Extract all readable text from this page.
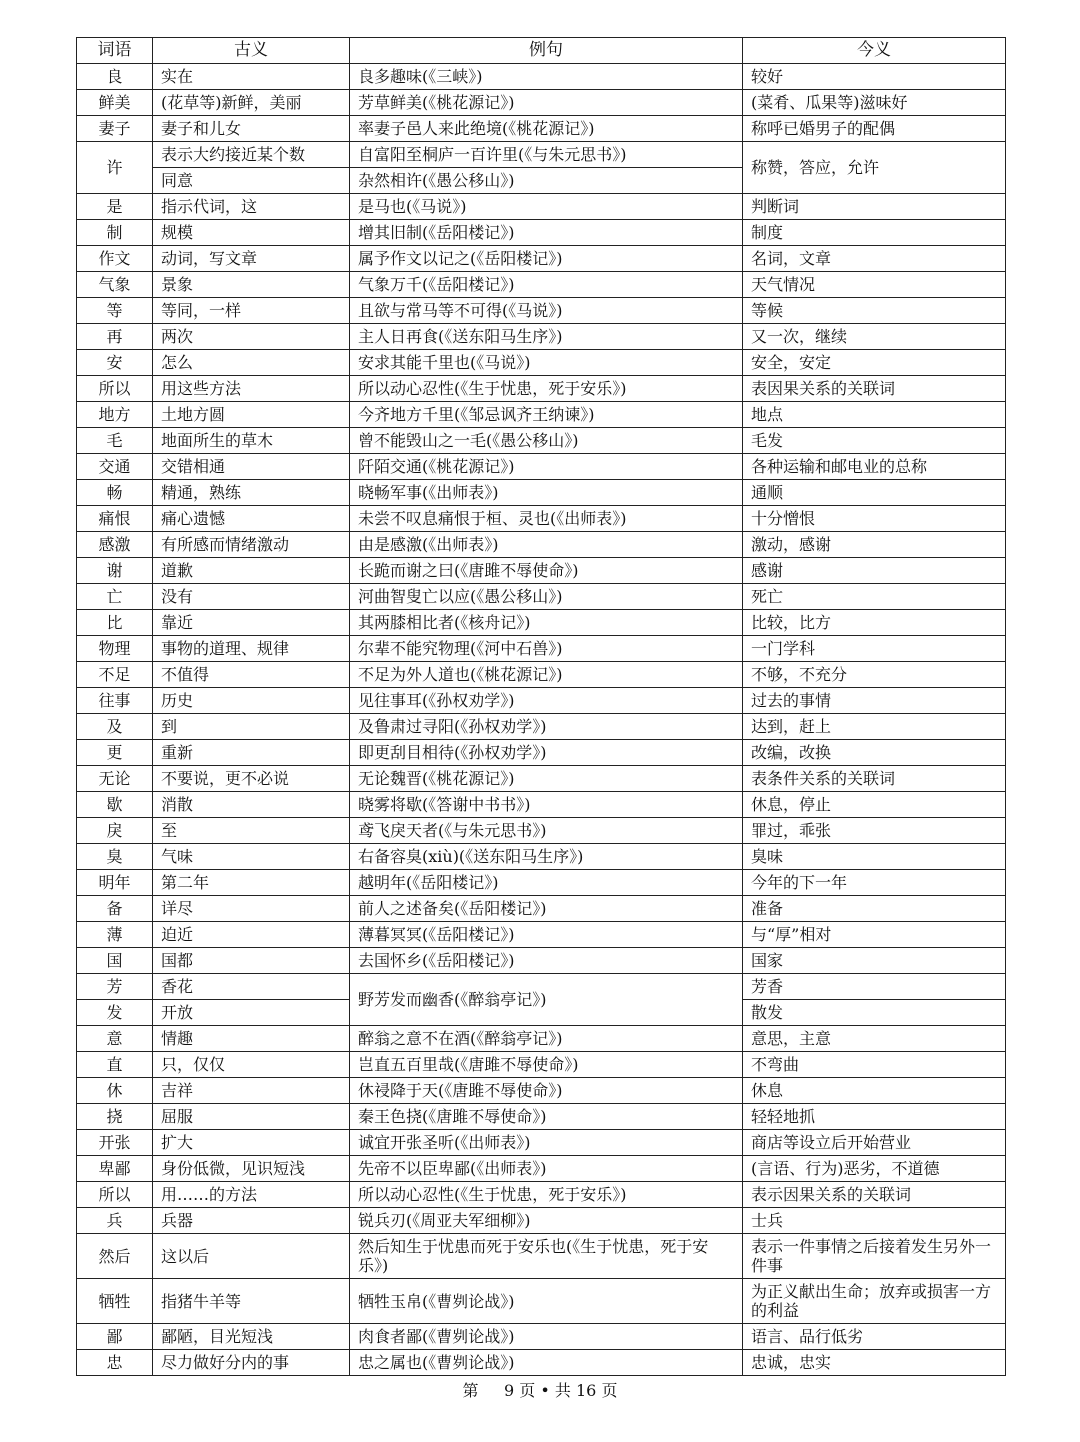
词语	古义	例句	今义
良	实在	良多趣味(《三峡》)	较好
鲜美	(花草等)新鲜，美丽	芳草鲜美(《桃花源记》)	(菜肴、瓜果等)滋味好
妻子	妻子和儿女	率妻子邑人来此绝境(《桃花源记》)	称呼已婚男子的配偶
许	表示大约接近某个数	自富阳至桐庐一百许里(《与朱元思书》)	称赞，答应，允许
	同意	杂然相许(《愚公移山》)	
是	指示代词，这	是马也(《马说》)	判断词
制	规模	增其旧制(《岳阳楼记》)	制度
作文	动词，写文章	属予作文以记之(《岳阳楼记》)	名词，文章
气象	景象	气象万千(《岳阳楼记》)	天气情况
等	等同，一样	且欲与常马等不可得(《马说》)	等候
再	两次	主人日再食(《送东阳马生序》)	又一次，继续
安	怎么	安求其能千里也(《马说》)	安全，安定
所以	用这些方法	所以动心忍性(《生于忧患，死于安乐》)	表因果关系的关联词
地方	土地方圆	今齐地方千里(《邹忌讽齐王纳谏》)	地点
毛	地面所生的草木	曾不能毁山之一毛(《愚公移山》)	毛发
交通	交错相通	阡陌交通(《桃花源记》)	各种运输和邮电业的总称
畅	精通，熟练	晓畅军事(《出师表》)	通顺
痛恨	痛心遗憾	未尝不叹息痛恨于桓、灵也(《出师表》)	十分憎恨
感激	有所感而情绪激动	由是感激(《出师表》)	激动，感谢
谢	道歉	长跪而谢之曰(《唐雎不辱使命》)	感谢
亡	没有	河曲智叟亡以应(《愚公移山》)	死亡
比	靠近	其两膝相比者(《核舟记》)	比较，比方
物理	事物的道理、规律	尔辈不能究物理(《河中石兽》)	一门学科
不足	不值得	不足为外人道也(《桃花源记》)	不够，不充分
往事	历史	见往事耳(《孙权劝学》)	过去的事情
及	到	及鲁肃过寻阳(《孙权劝学》)	达到，赶上
更	重新	即更刮目相待(《孙权劝学》)	改编，改换
无论	不要说，更不必说	无论魏晋(《桃花源记》)	表条件关系的关联词
歇	消散	晓雾将歇(《答谢中书书》)	休息，停止
戾	至	鸢飞戾天者(《与朱元思书》)	罪过，乖张
臭	气味	右备容臭(xiù)(《送东阳马生序》)	臭味
明年	第二年	越明年(《岳阳楼记》)	今年的下一年
备	详尽	前人之述备矣(《岳阳楼记》)	准备
薄	迫近	薄暮冥冥(《岳阳楼记》)	与“厚”相对
国	国都	去国怀乡(《岳阳楼记》)	国家
芳	香花	野芳发而幽香(《醉翁亭记》)	芳香
发	开放		散发
意	情趣	醉翁之意不在酒(《醉翁亭记》)	意思，主意
直	只，仅仅	岂直五百里哉(《唐雎不辱使命》)	不弯曲
休	吉祥	休祲降于天(《唐雎不辱使命》)	休息
挠	屈服	秦王色挠(《唐雎不辱使命》)	轻轻地抓
开张	扩大	诚宜开张圣听(《出师表》)	商店等设立后开始营业
卑鄙	身份低微，见识短浅	先帝不以臣卑鄙(《出师表》)	(言语、行为)恶劣，不道德
所以	用……的方法	所以动心忍性(《生于忧患，死于安乐》)	表示因果关系的关联词
兵	兵器	锐兵刃(《周亚夫军细柳》)	士兵
然后	这以后	然后知生于忧患而死于安乐也(《生于忧患，死于安乐》)	表示一件事情之后接着发生另外一件事
牺牲	指猪牛羊等	牺牲玉帛(《曹刿论战》)	为正义献出生命；放弃或损害一方的利益
鄙	鄙陋，目光短浅	肉食者鄙(《曹刿论战》)	语言、品行低劣
忠	尽力做好分内的事	忠之属也(《曹刿论战》)	忠诚，忠实
第 9 页 • 共 16 页
